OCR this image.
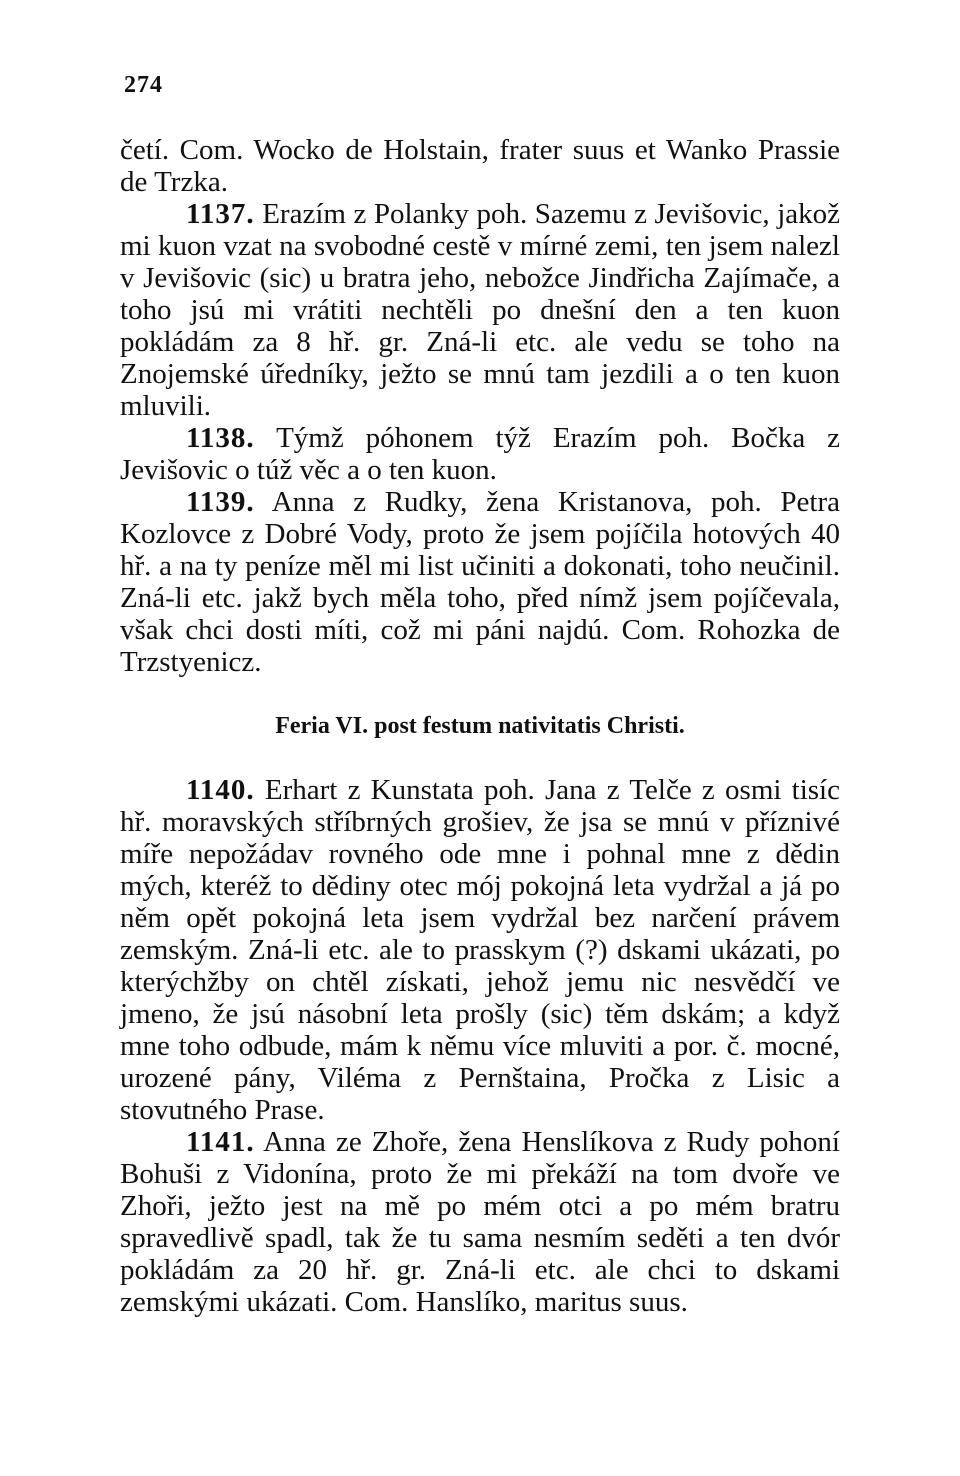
274

četí. Com. Wocko de Holstain, frater suus et Wanko Prassie de Trzka.

1137. Erazím z Polanky poh. Sazemu z Jevišovic, jakož mi kuon vzat na svobodné cestě v mírné zemi, ten jsem nalezl v Jevišovic (sic) u bratra jeho, nebožce Jindřicha Zajímače, a toho jsú mi vrátiti nechtěli po dnešní den a ten kuon pokládám za 8 hř. gr. Zná-li etc. ale vedu se toho na Znojemské úředníky, ježto se mnú tam jezdili a o ten kuon mluvili.

1138. Týmž póhonem týž Erazím poh. Bočka z Jevišovic o túž věc a o ten kuon.

1139. Anna z Rudky, žena Kristanova, poh. Petra Kozlovce z Dobré Vody, proto že jsem pojíčila hotových 40 hř. a na ty peníze měl mi list učiniti a dokonati, toho neučinil. Zná-li etc. jakž bych měla toho, před nímž jsem pojíčevala, však chci dosti míti, což mi páni najdú. Com. Rohozka de Trzstyenicz.

Feria VI. post festum nativitatis Christi.

1140. Erhart z Kunstata poh. Jana z Telče z osmi tisíc hř. moravských stříbrných grošiev, že jsa se mnú v příznivé míře nepožádav rovného ode mne i pohnal mne z dědin mých, kteréž to dědiny otec mój pokojná leta vydržal a já po něm opět pokojná leta jsem vydržal bez narčení právem zemským. Zná-li etc. ale to prasskym (?) dskami ukázati, po kterýchžby on chtěl získati, jehož jemu nic nesvědčí ve jmeno, že jsú násobní leta prošly (sic) těm dskám; a když mne toho odbude, mám k němu více mluviti a por. č. mocné, urozené pány, Viléma z Pernštaina, Pročka z Lisic a stovutného Prase.

1141. Anna ze Zhoře, žena Henslíkova z Rudy pohoní Bohuši z Vidonína, proto že mi překáží na tom dvoře ve Zhoři, ježto jest na mě po mém otci a po mém bratru spravedlivě spadl, tak že tu sama nesmím seděti a ten dvór pokládám za 20 hř. gr. Zná-li etc. ale chci to dskami zemskými ukázati. Com. Hanslíko, maritus suus.
